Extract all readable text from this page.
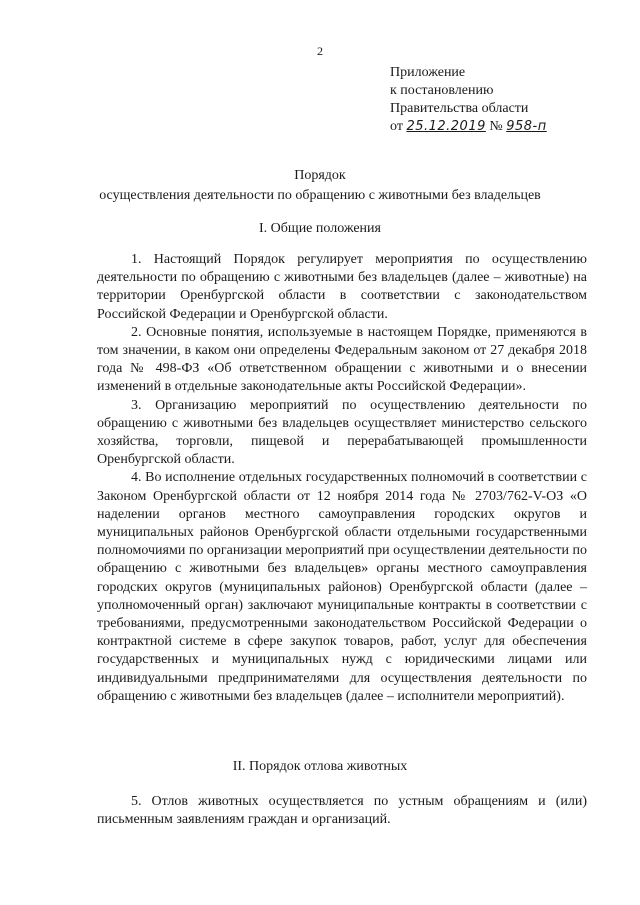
2
Приложение
к постановлению
Правительства области
от 25.12.2019 № 958-п
Порядок
осуществления деятельности по обращению с животными без владельцев
I. Общие положения

1. Настоящий Порядок регулирует мероприятия по осуществлению деятельности по обращению с животными без владельцев (далее – животные) на территории Оренбургской области в соответствии с законодательством Российской Федерации и Оренбургской области.

2. Основные понятия, используемые в настоящем Порядке, применяются в том значении, в каком они определены Федеральным законом от 27 декабря 2018 года № 498-ФЗ «Об ответственном обращении с животными и о внесении изменений в отдельные законодательные акты Российской Федерации».

3. Организацию мероприятий по осуществлению деятельности по обращению с животными без владельцев осуществляет министерство сельского хозяйства, торговли, пищевой и перерабатывающей промышленности Оренбургской области.

4. Во исполнение отдельных государственных полномочий в соответствии с Законом Оренбургской области от 12 ноября 2014 года № 2703/762-V-ОЗ «О наделении органов местного самоуправления городских округов и муниципальных районов Оренбургской области отдельными государственными полномочиями по организации мероприятий при осуществлении деятельности по обращению с животными без владельцев» органы местного самоуправления городских округов (муниципальных районов) Оренбургской области (далее – уполномоченный орган) заключают муниципальные контракты в соответствии с требованиями, предусмотренными законодательством Российской Федерации о контрактной системе в сфере закупок товаров, работ, услуг для обеспечения государственных и муниципальных нужд с юридическими лицами или индивидуальными предпринимателями для осуществления деятельности по обращению с животными без владельцев (далее – исполнители мероприятий).

II. Порядок отлова животных

5. Отлов животных осуществляется по устным обращениям и (или) письменным заявлениям граждан и организаций.
